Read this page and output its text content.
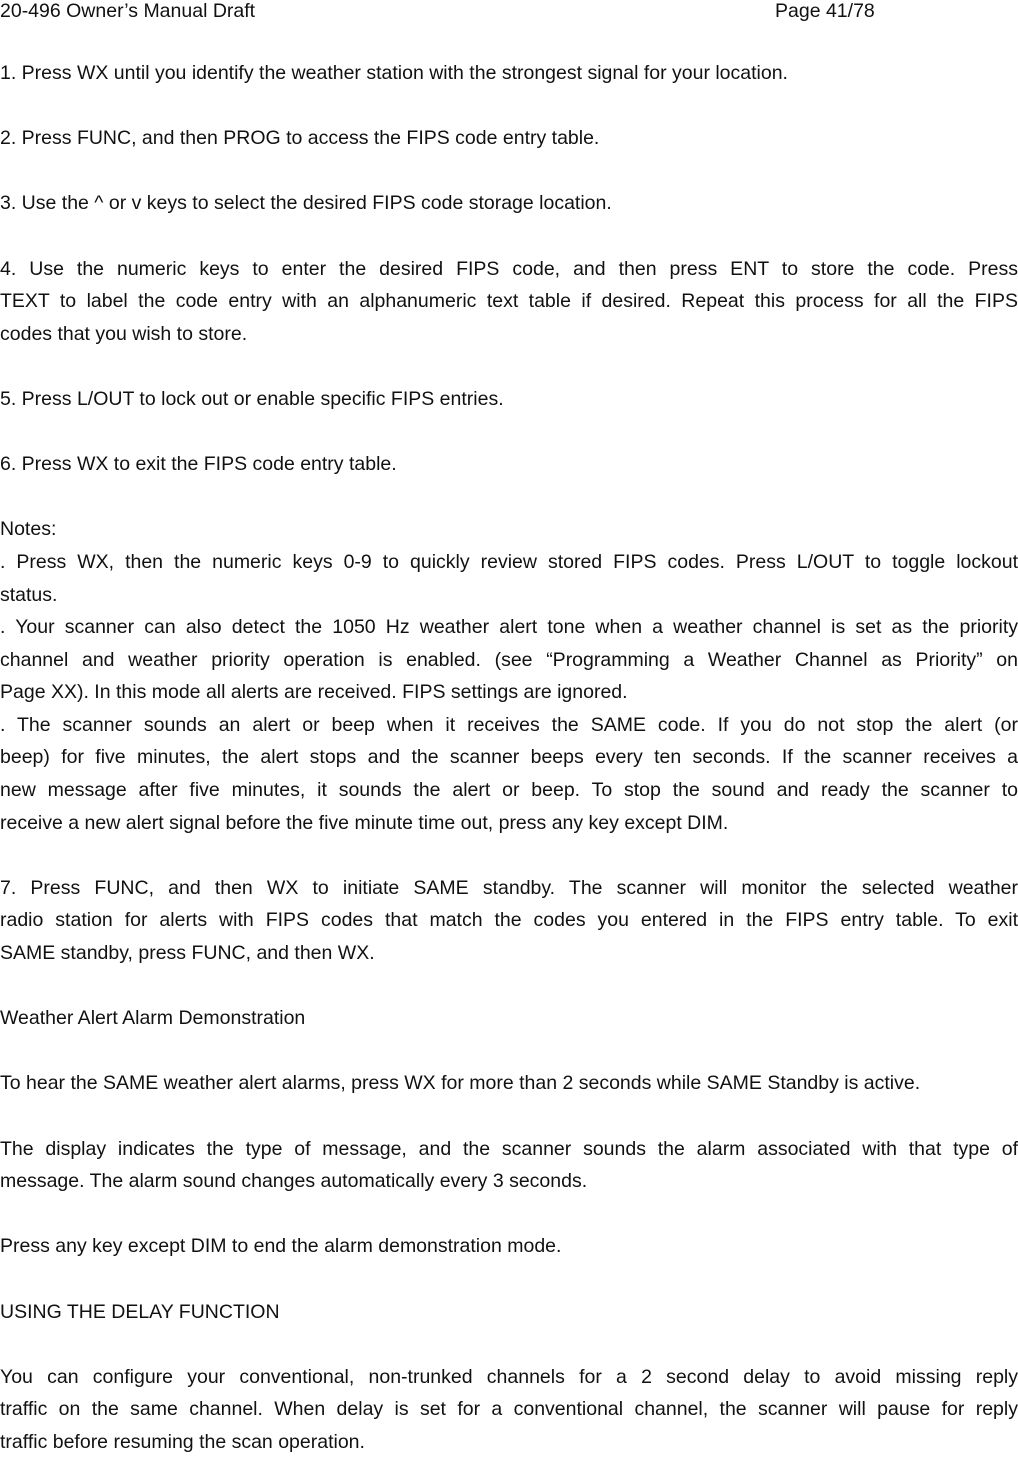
20-496 Owner’s Manual Draft	Page 41/78
1. Press WX until you identify the weather station with the strongest signal for your location.
2. Press FUNC, and then PROG to access the FIPS code entry table.
3. Use the ^ or v keys to select the desired FIPS code storage location.
4. Use the numeric keys to enter the desired FIPS code, and then press ENT to store the code. Press
TEXT to label the code entry with an alphanumeric text table if desired. Repeat this process for all the FIPS
codes that you wish to store.
5. Press L/OUT to lock out or enable specific FIPS entries.
6. Press WX to exit the FIPS code entry table.
Notes:
. Press WX, then the numeric keys 0-9 to quickly review stored FIPS codes. Press L/OUT to toggle lockout
status.
. Your scanner can also detect the 1050 Hz weather alert tone when a weather channel is set as the priority
channel and weather priority operation is enabled. (see “Programming a Weather Channel as Priority” on
Page XX). In this mode all alerts are received. FIPS settings are ignored.
. The scanner sounds an alert or beep when it receives the SAME code. If you do not stop the alert (or
beep) for five minutes, the alert stops and the scanner beeps every ten seconds. If the scanner receives a
new message after five minutes, it sounds the alert or beep. To stop the sound and ready the scanner to
receive a new alert signal before the five minute time out, press any key except DIM.
7. Press FUNC, and then WX to initiate SAME standby. The scanner will monitor the selected weather
radio station for alerts with FIPS codes that match the codes you entered in the FIPS entry table. To exit
SAME standby, press FUNC, and then WX.
Weather Alert Alarm Demonstration
To hear the SAME weather alert alarms, press WX for more than 2 seconds while SAME Standby is active.
The display indicates the type of message, and the scanner sounds the alarm associated with that type of
message. The alarm sound changes automatically every 3 seconds.
Press any key except DIM to end the alarm demonstration mode.
USING THE DELAY FUNCTION
You can configure your conventional, non-trunked channels for a 2 second delay to avoid missing reply
traffic on the same channel. When delay is set for a conventional channel, the scanner will pause for reply
traffic before resuming the scan operation.
